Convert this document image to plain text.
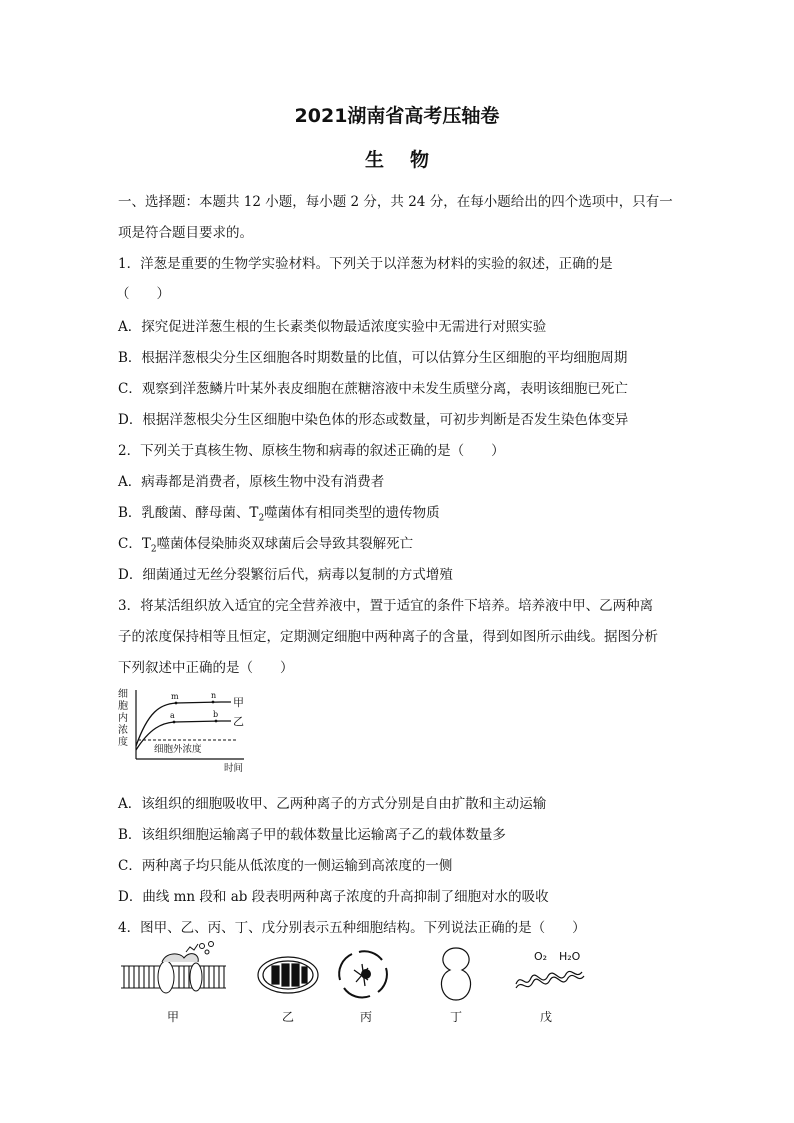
2021湖南省高考压轴卷
生物
一、选择题：本题共 12 小题，每小题 2 分，共 24 分，在每小题给出的四个选项中，只有一
项是符合题目要求的。
1．洋葱是重要的生物学实验材料。下列关于以洋葱为材料的实验的叙述，正确的是
（　　）
A．探究促进洋葱生根的生长素类似物最适浓度实验中无需进行对照实验
B．根据洋葱根尖分生区细胞各时期数量的比值，可以估算分生区细胞的平均细胞周期
C．观察到洋葱鳞片叶某外表皮细胞在蔗糖溶液中未发生质壁分离，表明该细胞已死亡
D．根据洋葱根尖分生区细胞中染色体的形态或数量，可初步判断是否发生染色体变异
2．下列关于真核生物、原核生物和病毒的叙述正确的是（　　）
A．病毒都是消费者，原核生物中没有消费者
B．乳酸菌、酵母菌、$T_2$噬菌体有相同类型的遗传物质
C．$T_2$噬菌体侵染肺炎双球菌后会导致其裂解死亡
D．细菌通过无丝分裂繁衍后代，病毒以复制的方式增殖
3．将某活组织放入适宜的完全营养液中，置于适宜的条件下培养。培养液中甲、乙两种离
子的浓度保持相等且恒定，定期测定细胞中两种离子的含量，得到如图所示曲线。据图分析
下列叙述中正确的是（　　）
细
胞
内
浓
度
m	n
a	b
甲
乙
细胞外浓度
时间
A．该组织的细胞吸收甲、乙两种离子的方式分别是自由扩散和主动运输
B．该组织细胞运输离子甲的载体数量比运输离子乙的载体数量多
C．两种离子均只能从低浓度的一侧运输到高浓度的一侧
D．曲线 mn 段和 ab 段表明两种离子浓度的升高抑制了细胞对水的吸收
4．图甲、乙、丙、丁、戊分别表示五种细胞结构。下列说法正确的是（　　）
O₂ H₂O
甲	乙	丙	丁	戊
